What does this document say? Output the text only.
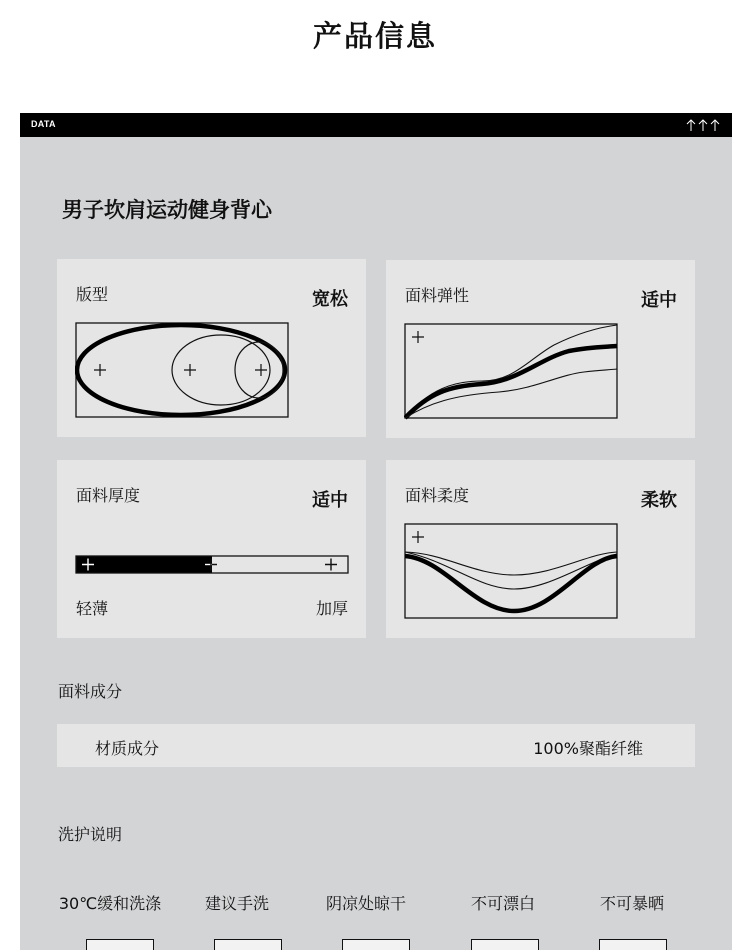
产品信息
DATA
男子坎肩运动健身背心
版型	宽松	面料弹性	适中
面料厚度	适中
轻薄	加厚
面料柔度	柔软
面料成分
材质成分	100%聚酯纤维
洗护说明
30℃缓和洗涤	建议手洗	阴凉处晾干	不可漂白	不可暴晒
